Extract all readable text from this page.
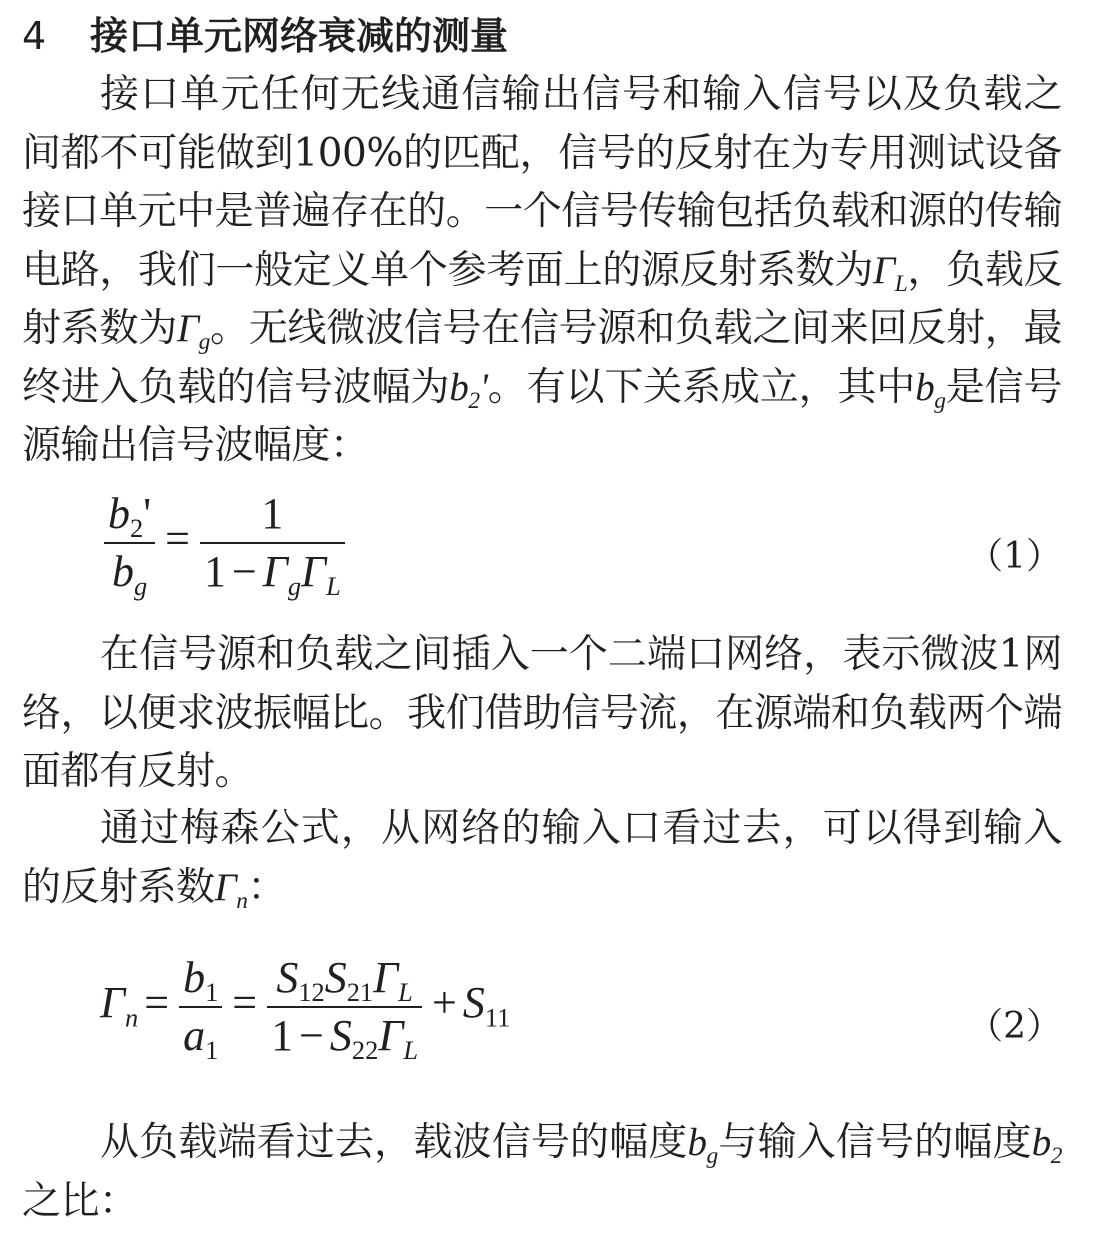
4 接口单元网络衰减的测量
接口单元任何无线通信输出信号和输入信号以及负载之间都不可能做到100%的匹配，信号的反射在为专用测试设备接口单元中是普遍存在的。一个信号传输包括负载和源的传输电路，我们一般定义单个参考面上的源反射系数为$\Gamma_L$，负载反射系数为$\Gamma_g$。无线微波信号在信号源和负载之间来回反射，最终进入负载的信号波幅为$b_2'$。有以下关系成立，其中$b_g$是信号源输出信号波幅度：
$\frac{b_2'}{b_g} = \frac{1}{1 - \Gamma_g\Gamma_L}$	（1）
在信号源和负载之间插入一个二端口网络，表示微波1网络，以便求波振幅比。我们借助信号流，在源端和负载两个端面都有反射。
通过梅森公式，从网络的输入口看过去，可以得到输入的反射系数$\Gamma_n$：
$\Gamma_n = \frac{b_1}{a_1} = \frac{S_{12}S_{21}\Gamma_L}{1 - S_{22}\Gamma_L} + S_{11}$	（2）
从负载端看过去，载波信号的幅度$b_g$与输入信号的幅度$b_2$之比：
